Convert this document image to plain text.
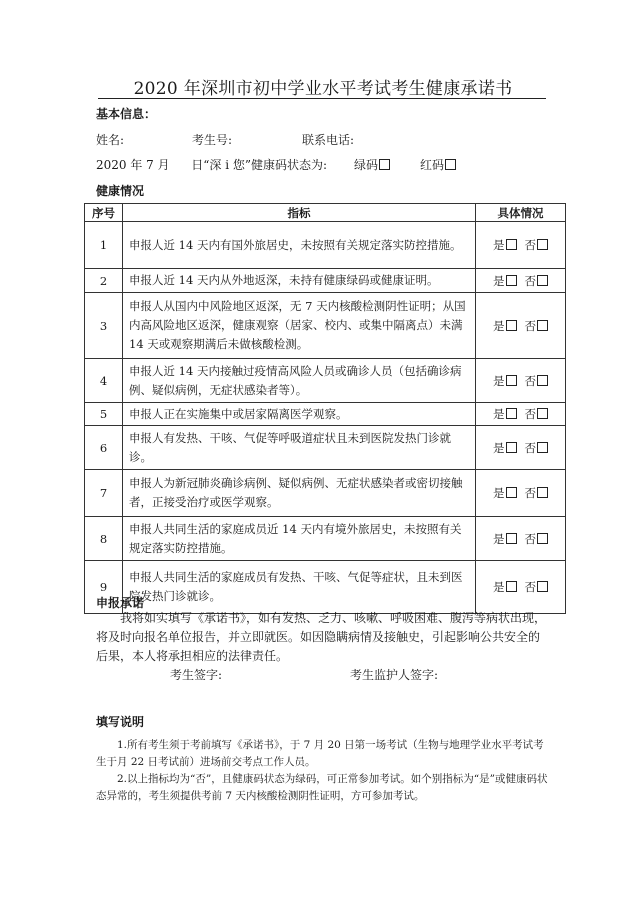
2020 年深圳市初中学业水平考试考生健康承诺书
基本信息：
姓名:	考生号:	联系电话:
2020 年 7 月 日“深 i 您”健康码状态为: 绿码	红码
健康情况
序号	指标	具体情况
1	申报人近 14 天内有国外旅居史，未按照有关规定落实防控措施。	是 否
2	申报人近 14 天内从外地返深，未持有健康绿码或健康证明。	是 否
3	申报人从国内中风险地区返深，无 7 天内核酸检测阴性证明；从国内高风险地区返深，健康观察（居家、校内、或集中隔离点）未满 14 天或观察期满后未做核酸检测。	是 否
4	申报人近 14 天内接触过疫情高风险人员或确诊人员（包括确诊病例、疑似病例，无症状感染者等）。	是 否
5	申报人正在实施集中或居家隔离医学观察。	是 否
6	申报人有发热、干咳、气促等呼吸道症状且未到医院发热门诊就诊。	是 否
7	申报人为新冠肺炎确诊病例、疑似病例、无症状感染者或密切接触者，正接受治疗或医学观察。	是 否
8	申报人共同生活的家庭成员近 14 天内有境外旅居史，未按照有关规定落实防控措施。	是 否
9	申报人共同生活的家庭成员有发热、干咳、气促等症状，且未到医院发热门诊就诊。	是 否
申报承诺
我将如实填写《承诺书》，如有发热、乏力、咳嗽、呼吸困难、腹泻等病状出现，将及时向报名单位报告，并立即就医。如因隐瞒病情及接触史，引起影响公共安全的后果，本人将承担相应的法律责任。
考生签字:	考生监护人签字:
填写说明
1.所有考生须于考前填写《承诺书》，于 7 月 20 日第一场考试（生物与地理学业水平考试考生于月 22 日考试前）进场前交考点工作人员。
2.以上指标均为“否”，且健康码状态为绿码，可正常参加考试。如个别指标为“是”或健康码状态异常的，考生须提供考前 7 天内核酸检测阴性证明，方可参加考试。
